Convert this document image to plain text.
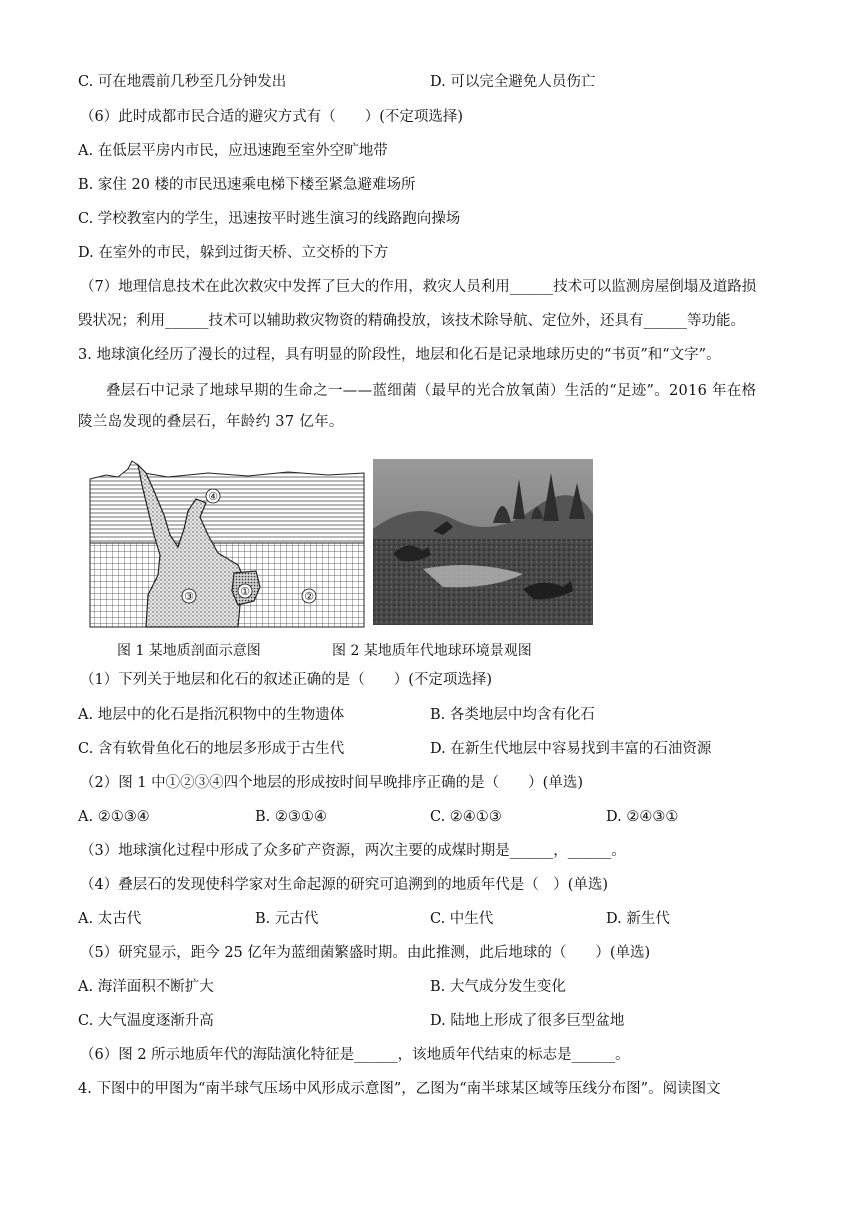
C. 可在地震前几秒至几分钟发出	D. 可以完全避免人员伤亡
（6）此时成都市民合适的避灾方式有（　　）(不定项选择)
A. 在低层平房内市民，应迅速跑至室外空旷地带
B. 家住 20 楼的市民迅速乘电梯下楼至紧急避难场所
C. 学校教室内的学生，迅速按平时逃生演习的线路跑向操场
D. 在室外的市民，躲到过街天桥、立交桥的下方
（7）地理信息技术在此次救灾中发挥了巨大的作用，救灾人员利用______技术可以监测房屋倒塌及道路损
毁状况；利用______技术可以辅助救灾物资的精确投放，该技术除导航、定位外，还具有______等功能。
3. 地球演化经历了漫长的过程，具有明显的阶段性，地层和化石是记录地球历史的“书页”和“文字”。
叠层石中记录了地球早期的生命之一——蓝细菌（最早的光合放氧菌）生活的“足迹”。2016 年在格
陵兰岛发现的叠层石，年龄约 37 亿年。
④
③	①	②
图 1 某地质剖面示意图	图 2 某地质年代地球环境景观图
（1）下列关于地层和化石的叙述正确的是（　　）(不定项选择)
A. 地层中的化石是指沉积物中的生物遗体	B. 各类地层中均含有化石
C. 含有软骨鱼化石的地层多形成于古生代	D. 在新生代地层中容易找到丰富的石油资源
（2）图 1 中①②③④四个地层的形成按时间早晚排序正确的是（　　）(单选)
A. ②①③④	B. ②③①④	C. ②④①③	D. ②④③①
（3）地球演化过程中形成了众多矿产资源，两次主要的成煤时期是______，______。
（4）叠层石的发现使科学家对生命起源的研究可追溯到的地质年代是（　）(单选)
A. 太古代	B. 元古代	C. 中生代	D. 新生代
（5）研究显示，距今 25 亿年为蓝细菌繁盛时期。由此推测，此后地球的（　　）(单选)
A. 海洋面积不断扩大	B. 大气成分发生变化
C. 大气温度逐渐升高	D. 陆地上形成了很多巨型盆地
（6）图 2 所示地质年代的海陆演化特征是______，该地质年代结束的标志是______。
4. 下图中的甲图为“南半球气压场中风形成示意图”，乙图为“南半球某区域等压线分布图”。阅读图文
